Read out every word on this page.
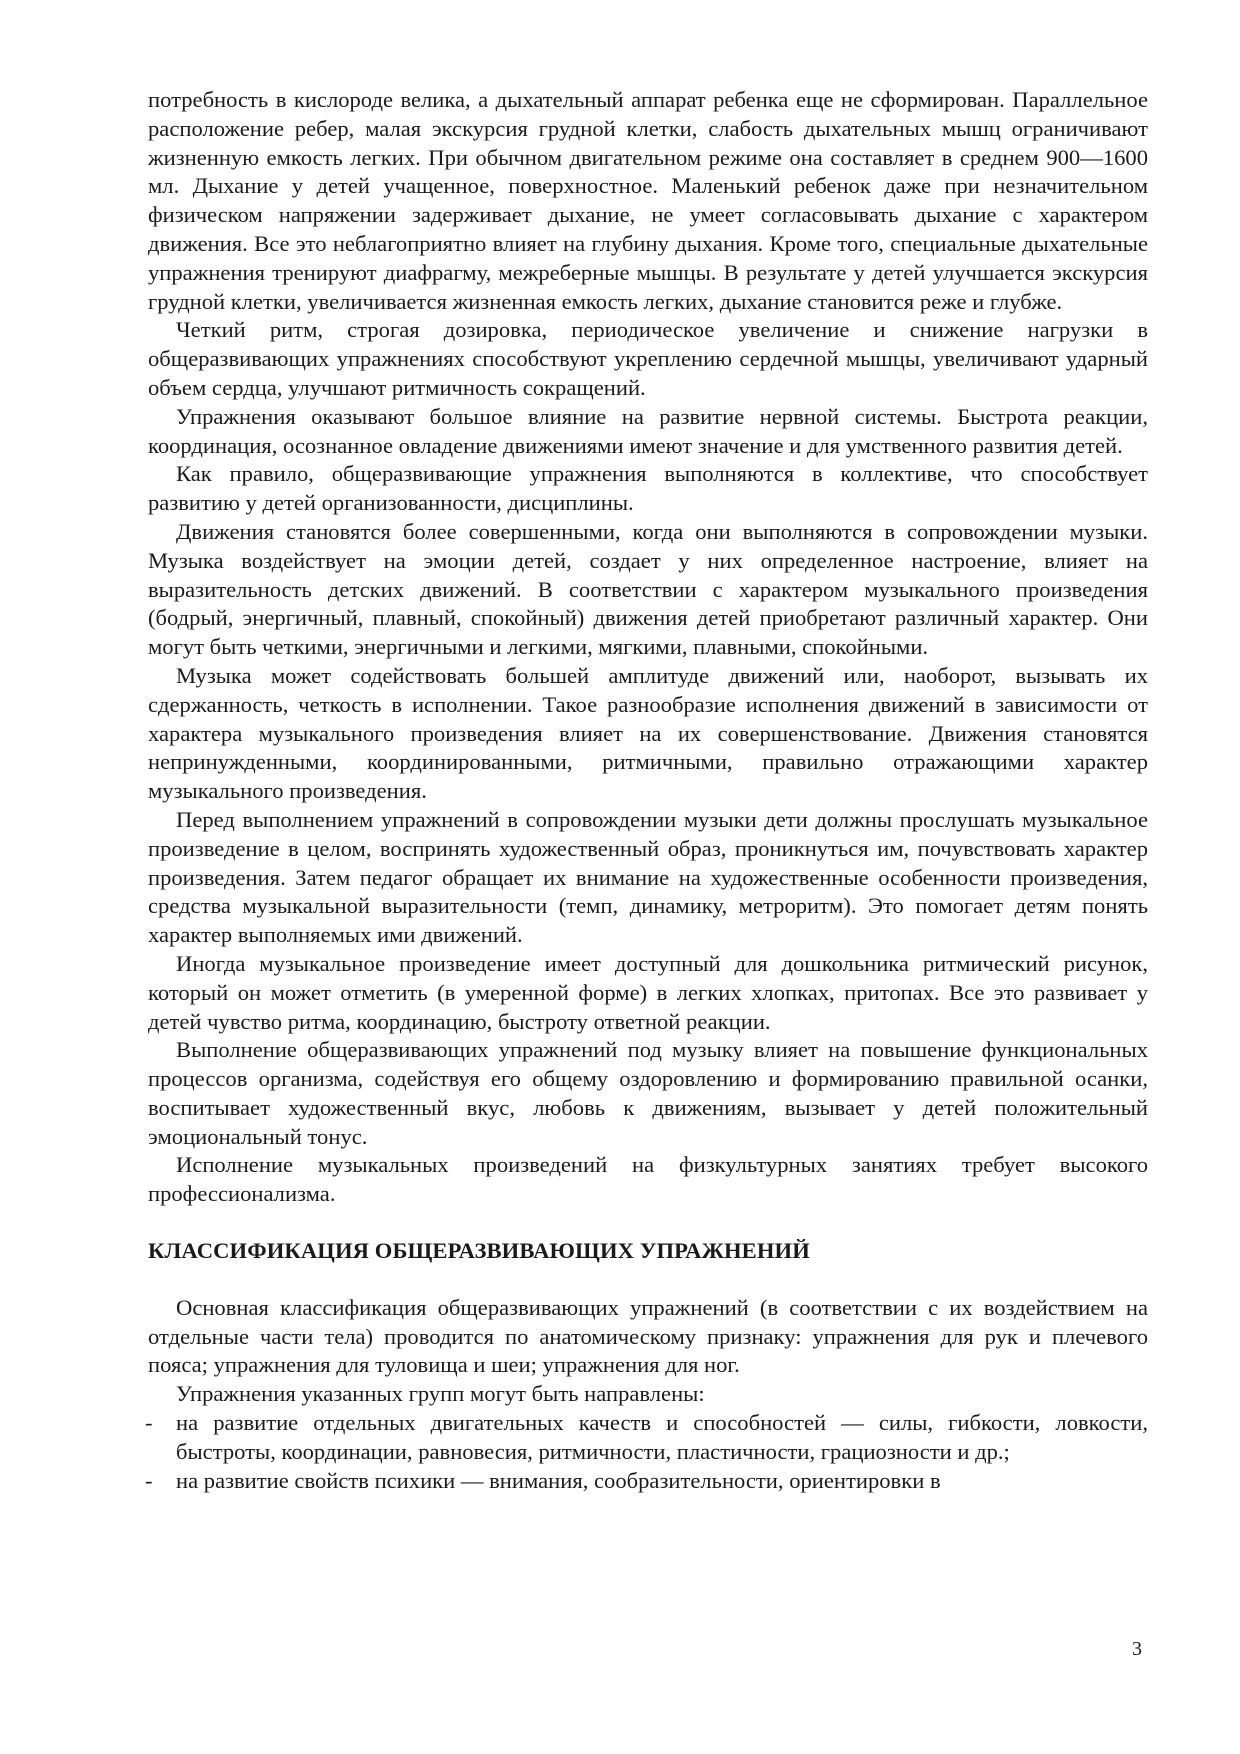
потребность в кислороде велика, а дыхательный аппарат ребенка еще не сформирован. Параллельное расположение ребер, малая экскурсия грудной клетки, слабость дыхательных мышц ограничивают жизненную емкость легких. При обычном двигательном режиме она составляет в среднем 900—1600 мл. Дыхание у детей учащенное, поверхностное. Маленький ребенок даже при незначительном физическом напряжении задерживает дыхание, не умеет согласовывать дыхание с характером движения. Все это неблагоприятно влияет на глубину дыхания. Кроме того, специальные дыхательные упражнения тренируют диафрагму, межреберные мышцы. В результате у детей улучшается экскурсия грудной клетки, увеличивается жизненная емкость легких, дыхание становится реже и глубже.

Четкий ритм, строгая дозировка, периодическое увеличение и снижение нагрузки в общеразвивающих упражнениях способствуют укреплению сердечной мышцы, увеличивают ударный объем сердца, улучшают ритмичность сокращений.

Упражнения оказывают большое влияние на развитие нервной системы. Быстрота реакции, координация, осознанное овладение движениями имеют значение и для умственного развития детей.

Как правило, общеразвивающие упражнения выполняются в коллективе, что способствует развитию у детей организованности, дисциплины.

Движения становятся более совершенными, когда они выполняются в сопровождении музыки. Музыка воздействует на эмоции детей, создает у них определенное настроение, влияет на выразительность детских движений. В соответствии с характером музыкального произведения (бодрый, энергичный, плавный, спокойный) движения детей приобретают различный характер. Они могут быть четкими, энергичными и легкими, мягкими, плавными, спокойными.

Музыка может содействовать большей амплитуде движений или, наоборот, вызывать их сдержанность, четкость в исполнении. Такое разнообразие исполнения движений в зависимости от характера музыкального произведения влияет на их совершенствование. Движения становятся непринужденными, координированными, ритмичными, правильно отражающими характер музыкального произведения.

Перед выполнением упражнений в сопровождении музыки дети должны прослушать музыкальное произведение в целом, воспринять художественный образ, проникнуться им, почувствовать характер произведения. Затем педагог обращает их внимание на художественные особенности произведения, средства музыкальной выразительности (темп, динамику, метроритм). Это помогает детям понять характер выполняемых ими движений.

Иногда музыкальное произведение имеет доступный для дошкольника ритмический рисунок, который он может отметить (в умеренной форме) в легких хлопках, притопах. Все это развивает у детей чувство ритма, координацию, быстроту ответной реакции.

Выполнение общеразвивающих упражнений под музыку влияет на повышение функциональных процессов организма, содействуя его общему оздоровлению и формированию правильной осанки, воспитывает художественный вкус, любовь к движениям, вызывает у детей положительный эмоциональный тонус.

Исполнение музыкальных произведений на физкультурных занятиях требует высокого профессионализма.

КЛАССИФИКАЦИЯ ОБЩЕРАЗВИВАЮЩИХ УПРАЖНЕНИЙ

Основная классификация общеразвивающих упражнений (в соответствии с их воздействием на отдельные части тела) проводится по анатомическому признаку: упражнения для рук и плечевого пояса; упражнения для туловища и шеи; упражнения для ног.

Упражнения указанных групп могут быть направлены:

- на развитие отдельных двигательных качеств и способностей — силы, гибкости, ловкости, быстроты, координации, равновесия, ритмичности, пластичности, грациозности и др.;
- на развитие свойств психики — внимания, сообразительности, ориентировки в
3
